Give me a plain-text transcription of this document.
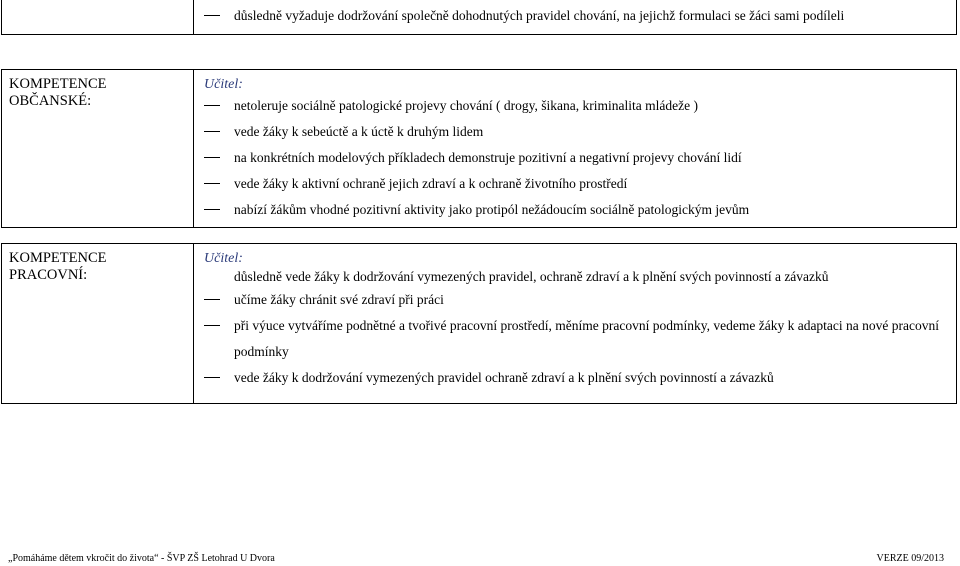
důsledně vyžaduje dodržování společně dohodnutých pravidel chování, na jejichž formulaci se žáci sami podíleli
KOMPETENCE
OBČANSKÉ:
Učitel:
netoleruje sociálně patologické projevy chování ( drogy, šikana, kriminalita mládeže )
vede žáky k sebeúctě a k úctě k druhým lidem
na konkrétních modelových příkladech demonstruje pozitivní a negativní projevy chování lidí
vede žáky k aktivní ochraně jejich zdraví a k ochraně životního prostředí
nabízí žákům vhodné pozitivní aktivity jako protipól nežádoucím sociálně patologickým jevům
KOMPETENCE
PRACOVNÍ:
Učitel:
důsledně vede žáky k dodržování vymezených pravidel, ochraně zdraví a k plnění svých povinností a závazků
učíme žáky chránit své zdraví při práci
při výuce vytváříme podnětné a tvořivé pracovní prostředí, měníme pracovní podmínky, vedeme žáky k adaptaci na nové pracovní podmínky
vede žáky k dodržování vymezených pravidel ochraně zdraví a k plnění svých povinností a závazků
„Pomáháme dětem vkročit do života“ - ŠVP ZŠ Letohrad U Dvora	VERZE 09/2013
